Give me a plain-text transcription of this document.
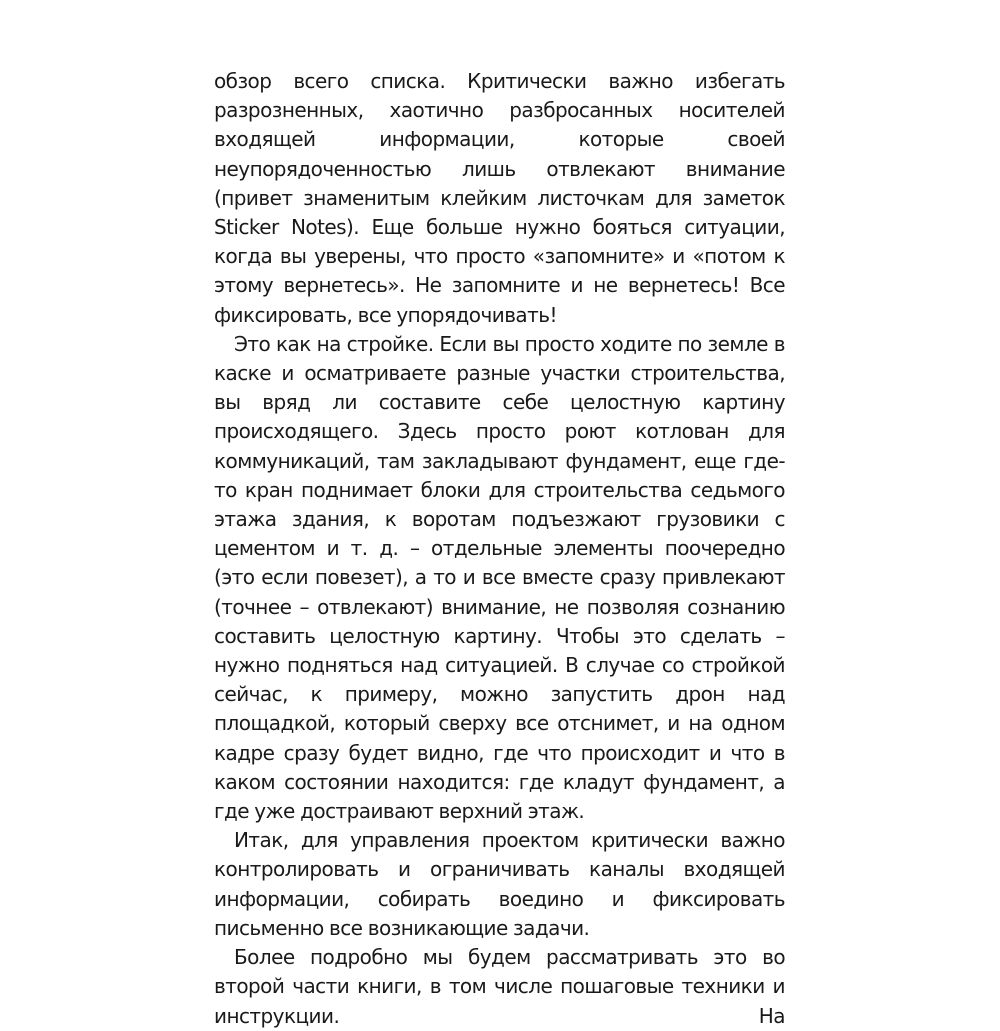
обзор всего списка. Критически важно избегать разрозненных, хаотично разбросанных носителей входящей информации, которые своей неупорядоченностью лишь отвлекают внимание (привет знаменитым клейким листочкам для заметок Sticker Notes). Еще больше нужно бояться ситуации, когда вы уверены, что просто «запомните» и «потом к этому вернетесь». Не запомните и не вернетесь! Все фиксировать, все упорядочивать!

Это как на стройке. Если вы просто ходите по земле в каске и осматриваете разные участки строительства, вы вряд ли составите себе целостную картину происходящего. Здесь просто роют котлован для коммуникаций, там закладывают фундамент, еще где-то кран поднимает блоки для строительства седьмого этажа здания, к воротам подъезжают грузовики с цементом и т. д. – отдельные элементы поочередно (это если повезет), а то и все вместе сразу привлекают (точнее – отвлекают) внимание, не позволяя сознанию составить целостную картину. Чтобы это сделать – нужно подняться над ситуацией. В случае со стройкой сейчас, к примеру, можно запустить дрон над площадкой, который сверху все отснимет, и на одном кадре сразу будет видно, где что происходит и что в каком состоянии находится: где кладут фундамент, а где уже достраивают верхний этаж.

Итак, для управления проектом критически важно контролировать и ограничивать каналы входящей информации, собирать воедино и фиксировать письменно все возникающие задачи.

Более подробно мы будем рассматривать это во второй части книги, в том числе пошаговые техники и инструкции. На
